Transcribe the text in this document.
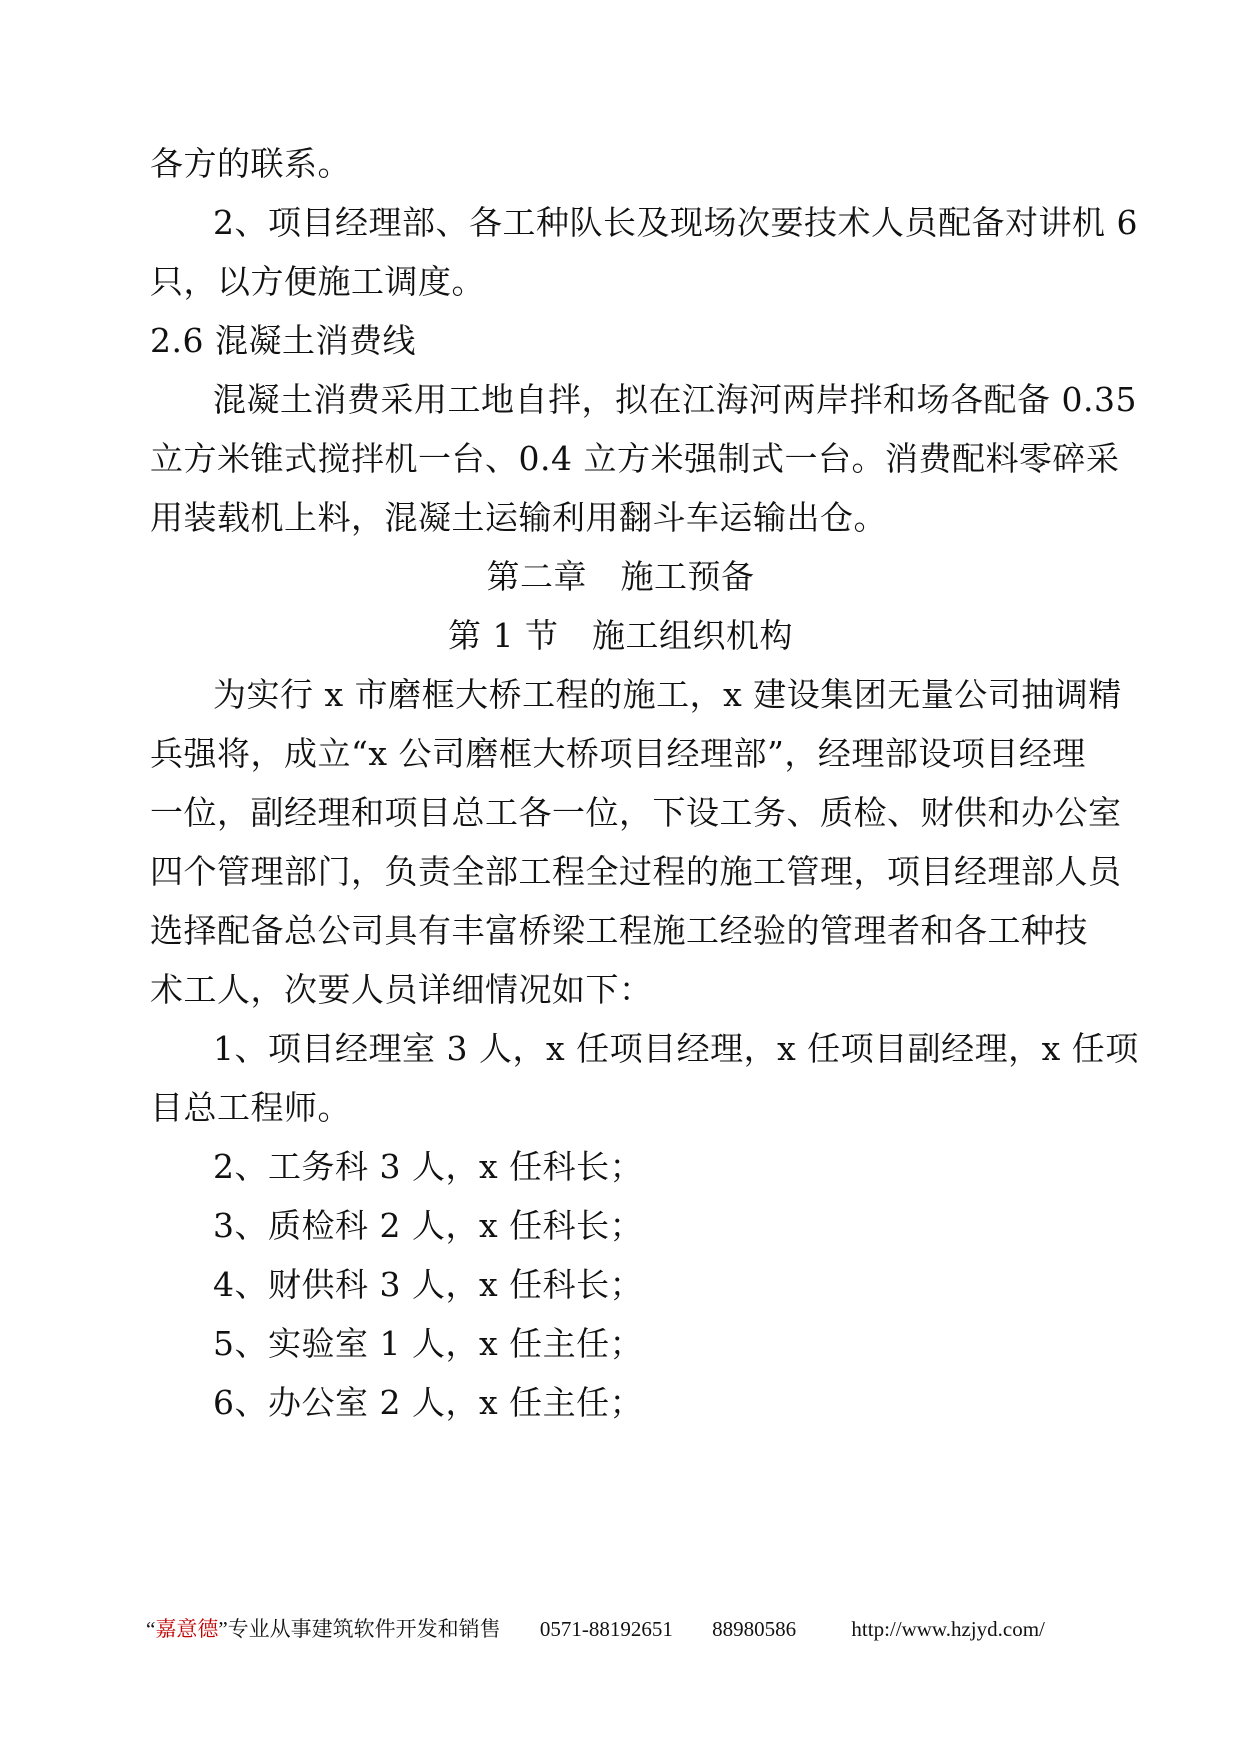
各方的联系。
2、项目经理部、各工种队长及现场次要技术人员配备对讲机 6
只，以方便施工调度。
2.6 混凝土消费线
混凝土消费采用工地自拌，拟在江海河两岸拌和场各配备 0.35
立方米锥式搅拌机一台、0.4 立方米强制式一台。消费配料零碎采
用装载机上料，混凝土运输利用翻斗车运输出仓。
第二章　施工预备
第 1 节　施工组织机构
为实行 x 市磨框大桥工程的施工，x 建设集团无量公司抽调精
兵强将，成立“x 公司磨框大桥项目经理部”，经理部设项目经理
一位，副经理和项目总工各一位，下设工务、质检、财供和办公室
四个管理部门，负责全部工程全过程的施工管理，项目经理部人员
选择配备总公司具有丰富桥梁工程施工经验的管理者和各工种技
术工人，次要人员详细情况如下：
1、项目经理室 3 人，x 任项目经理，x 任项目副经理，x 任项
目总工程师。
2、工务科 3 人，x 任科长；
3、质检科 2 人，x 任科长；
4、财供科 3 人，x 任科长；
5、实验室 1 人，x 任主任；
6、办公室 2 人，x 任主任；
“嘉意德”专业从事建筑软件开发和销售 0571-88192651 88980586	http://www.hzjyd.com/
